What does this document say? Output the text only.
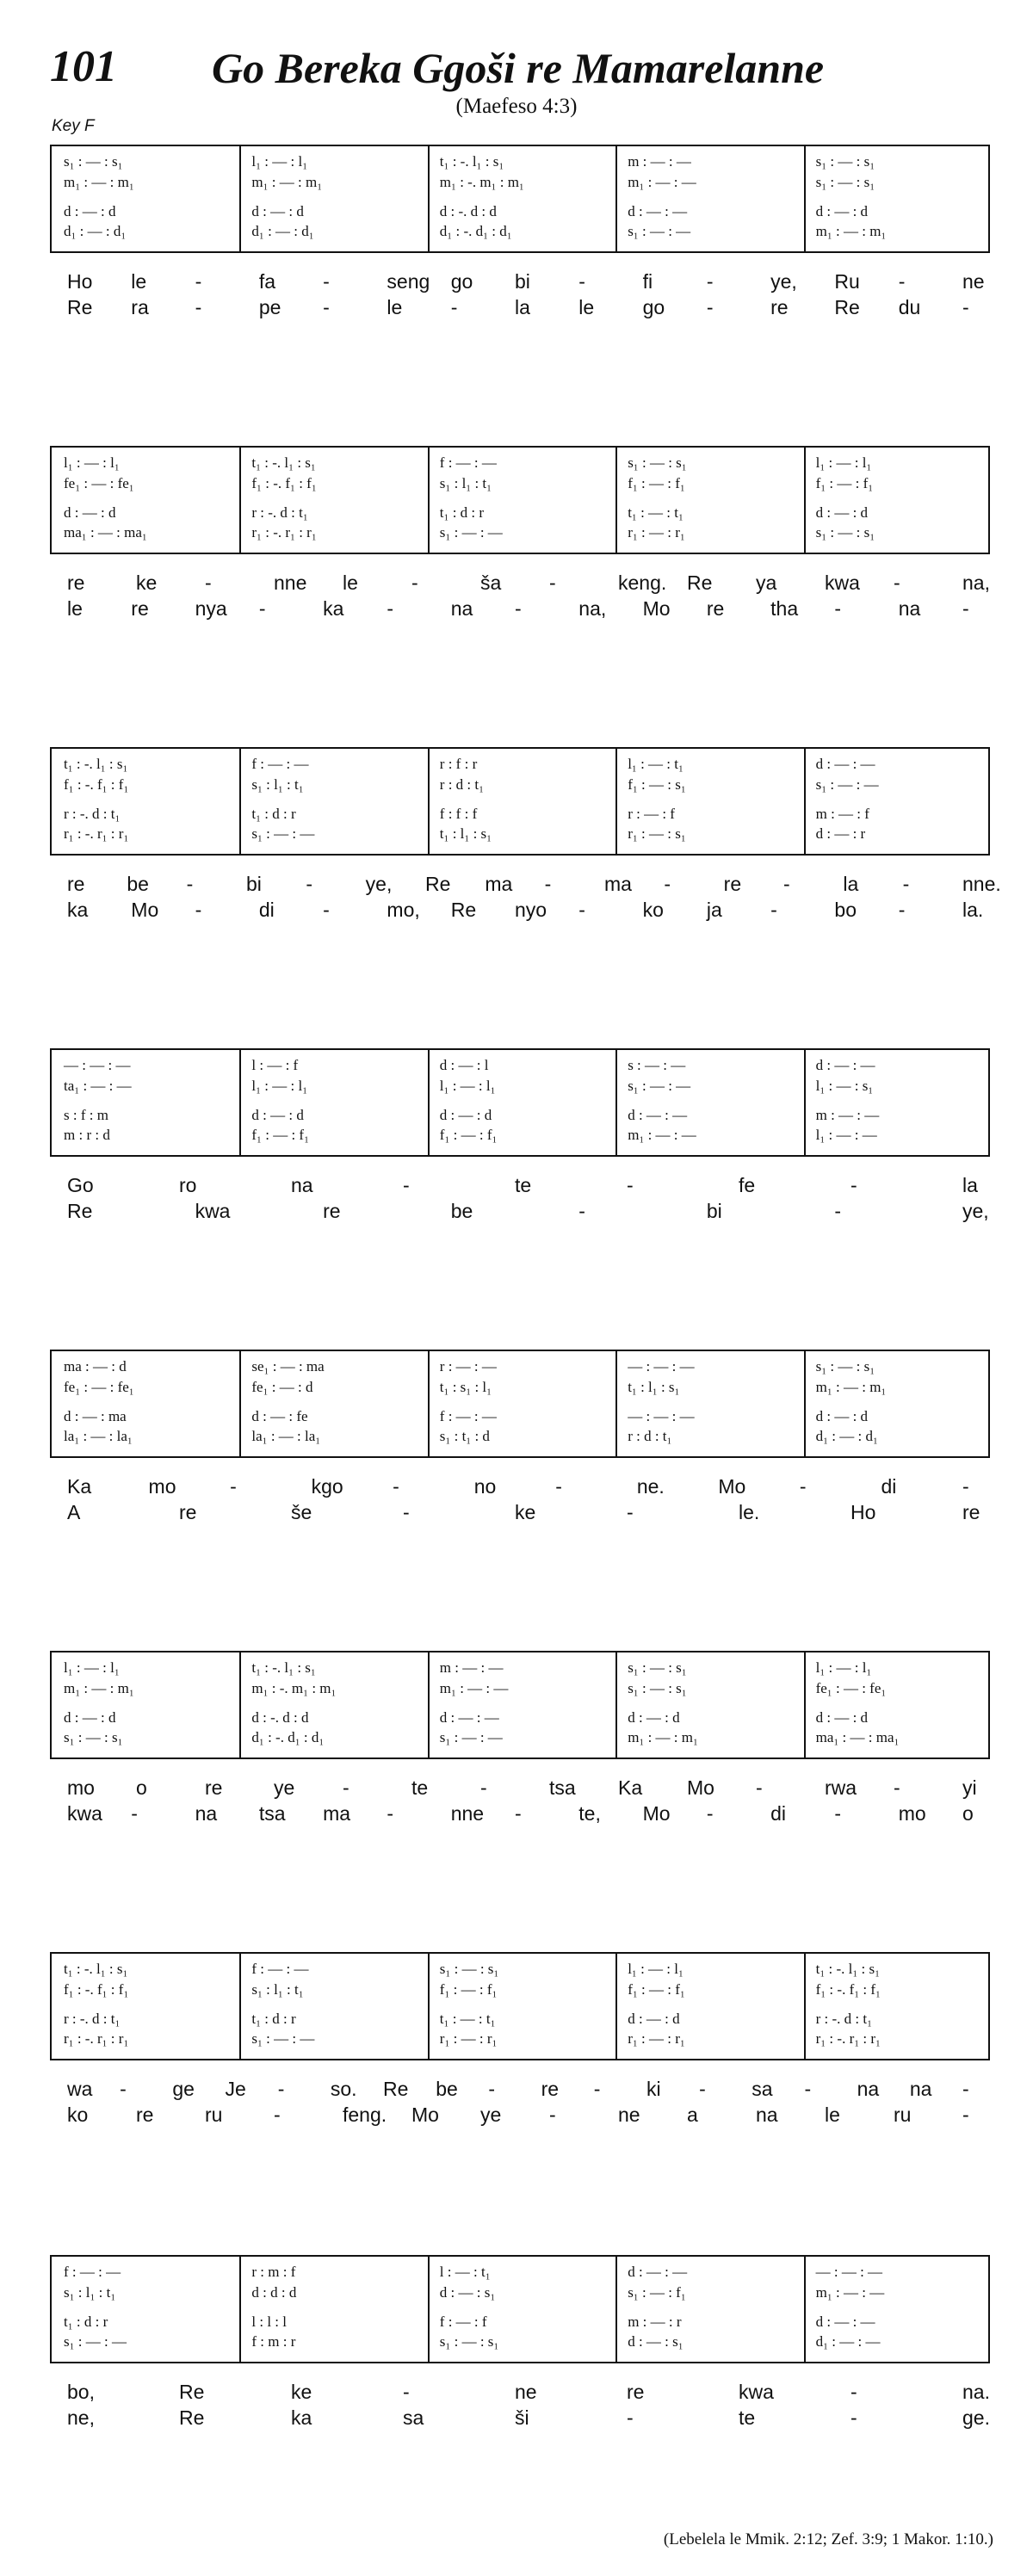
101 Go Bereka Ggoši re Mamarelanne
(Maefeso 4:3)
Key F
s₁ : — : s₁	l₁ : — : l₁	t₁ : -. l₁ : s₁	m : — : —	s₁ : — : s₁
m₁ : — : m₁	m₁ : — : m₁	m₁ : -. m₁ : m₁	m₁ : — : —	s₁ : — : s₁
d : — : d	d : — : d	d : -. d : d	d : — : —	d : — : d
d₁ : — : d₁	d₁ : — : d₁	d₁ : -. d₁ : d₁	s₁ : — : —	m₁ : — : m₁
Ho le -	fa -	seng go bi -	fi	-	ye, Ru -	ne
Re ra -	pe -	le -	la le go -	re Re du -
l₁ : — : l₁	t₁ : -. l₁ : s₁	f : — : —	s₁ : — : s₁	l₁ : — : l₁
fe₁ : — : fe₁	f₁ : -. f₁ : f₁	s₁ : l₁ : t₁	f₁ : — : f₁	f₁ : — : f₁
d : — : d	r : -. d : t₁	t₁ : d : r	t₁ : — : t₁	d : — : d
ma₁ : — : ma₁	r₁ : -. r₁ : r₁	s₁ : — : —	r₁ : — : r₁	s₁ : — : s₁
re	ke -	nne le	-	ša -	keng. Re ya kwa -	na,
le re nya -	ka -	na -	na, Mo re tha -	na -
t₁ : -. l₁ : s₁	f : — : —	r : f : r	l₁ : — : t₁	d : — : —
f₁ : -. f₁ : f₁	s₁ : l₁ : t₁	r : d : t₁	f₁ : — : s₁	s₁ : — : —
r : -. d : t₁	t₁ : d : r	f : f : f	r : — : f	m : — : f
r₁ : -. r₁ : r₁	s₁ : — : —	t₁ : l₁ : s₁	r₁ : — : s₁	d : — : r
re be -	bi -	ye, Re ma -	ma -	re -	la -	nne.
ka Mo -	di -	mo, Re nyo -	ko ja -	bo -	la.
— : — : —	l : — : f	d : — : l	s : — : —	d : — : —
ta₁ : — : —	l₁ : — : l₁	l₁ : — : l₁	s₁ : — : —	l₁ : — : s₁
s : f : m	d : — : d	d : — : d	d : — : —	m : — : —
m : r : d	f₁ : — : f₁	f₁ : — : f₁	m₁ : — : —	l₁ : — : —
Go	ro	na	-	te	-	fe	-	la
Re	kwa	re	be	-	bi	-	ye,
ma : — : d	se₁ : — : ma	r : — : —	— : — : —	s₁ : — : s₁
fe₁ : — : fe₁	fe₁ : — : d	t₁ : s₁ : l₁	t₁ : l₁ : s₁	m₁ : — : m₁
d : — : ma	d : — : fe	f : — : —	— : — : —	d : — : d
la₁ : — : la₁	la₁ : — : la₁	s₁ : t₁ : d	r : d : t₁	d₁ : — : d₁
Ka	mo	-	kgo -	no	-	ne.	Mo	-	di	-
A	re	še	-	ke	-	le.	Ho	re
l₁ : — : l₁	t₁ : -. l₁ : s₁	m : — : —	s₁ : — : s₁	l₁ : — : l₁
m₁ : — : m₁	m₁ : -. m₁ : m₁	m₁ : — : —	s₁ : — : s₁	fe₁ : — : fe₁
d : — : d	d : -. d : d	d : — : —	d : — : d	d : — : d
s₁ : — : s₁	d₁ : -. d₁ : d₁	s₁ : — : —	m₁ : — : m₁	ma₁ : — : ma₁
mo o	re	ye -	te	-	tsa Ka Mo -	rwa -	yi
kwa -	na tsa ma -	nne -	te, Mo -	di -	mo o
t₁ : -. l₁ : s₁	f : — : —	s₁ : — : s₁	l₁ : — : l₁	t₁ : -. l₁ : s₁
f₁ : -. f₁ : f₁	s₁ : l₁ : t₁	f₁ : — : f₁	f₁ : — : f₁	f₁ : -. f₁ : f₁
r : -. d : t₁	t₁ : d : r	t₁ : — : t₁	d : — : d	r : -. d : t₁
r₁ : -. r₁ : r₁	s₁ : — : —	r₁ : — : r₁	r₁ : — : r₁	r₁ : -. r₁ : r₁
wa - ge Je - so. Re be - re - ki - sa - na na -
ko re	ru	-	feng. Mo ye -	ne a	na le	ru	-
f : — : —	r : m : f	l : — : t₁	d : — : —	— : — : —
s₁ : l₁ : t₁	d : d : d	d : — : s₁	s₁ : — : f₁	m₁ : — : —
t₁ : d : r	l : l : l	f : — : f	m : — : r	d : — : —
s₁ : — : —	f : m : r	s₁ : — : s₁	d : — : s₁	d₁ : — : —
bo,	Re	ke	-	ne	re	kwa	-	na.
ne,	Re	ka	sa	ši	-	te	-	ge.
(Lebelela le Mmik. 2:12; Zef. 3:9; 1 Makor. 1:10.)
